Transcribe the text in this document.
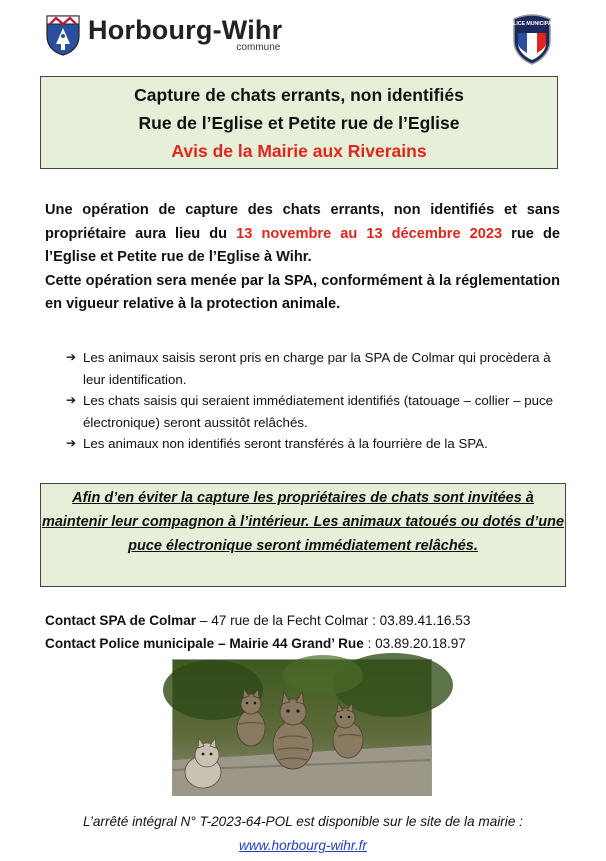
Horbourg-Wihr
commune
POLICE MUNICIPALE
Capture de chats errants, non identifiés
Rue de l’Eglise et Petite rue de l’Eglise
Avis de la Mairie aux Riverains

Une opération de capture des chats errants, non identifiés et sans propriétaire aura lieu du 13 novembre au 13 décembre 2023 rue de l’Eglise et Petite rue de l’Eglise à Wihr.

Cette opération sera menée par la SPA, conformément à la réglementation en vigueur relative à la protection animale.

➔ Les animaux saisis seront pris en charge par la SPA de Colmar qui procèdera à leur identification.
➔ Les chats saisis qui seraient immédiatement identifiés (tatouage – collier – puce électronique) seront aussitôt relâchés.
➔ Les animaux non identifiés seront transférés à la fourrière de la SPA.
Afin d’en éviter la capture les propriétaires de chats sont invitées à maintenir leur compagnon à l’intérieur. Les animaux tatoués ou dotés d’une puce électronique seront immédiatement relâchés.
Contact SPA de Colmar – 47 rue de la Fecht Colmar : 03.89.41.16.53
Contact Police municipale – Mairie 44 Grand’ Rue : 03.89.20.18.97
L’arrêté intégral N° T-2023-64-POL est disponible sur le site de la mairie :
www.horbourg-wihr.fr
